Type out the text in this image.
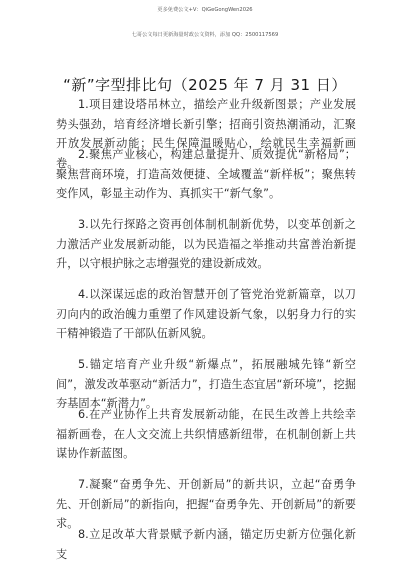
更多免费公文+V：QiGeGongWen2026
七哥公文每日更新海量时政公文资料，添加 QQ：2500117569
“新”字型排比句（2025 年 7 月 31 日）

1.项目建设塔吊林立，描绘产业升级新图景；产业发展势头强劲，培育经济增长新引擎；招商引资热潮涌动，汇聚开放发展新动能；民生保障温暖贴心，绘就民生幸福新画卷。

2.聚焦产业核心，构建总量提升、质效提优“新格局”；聚焦营商环境，打造高效便捷、全域覆盖“新样板”；聚焦转变作风，彰显主动作为、真抓实干“新气象”。

3.以先行探路之资再创体制机制新优势，以变革创新之力激活产业发展新动能，以为民造福之举推动共富善治新提升，以守根护脉之志增强党的建设新成效。

4.以深谋远虑的政治智慧开创了管党治党新篇章，以刀刃向内的政治魄力重塑了作风建设新气象，以躬身力行的实干精神锻造了干部队伍新风貌。

5.锚定培育产业升级“新爆点”，拓展融城先锋“新空间”，激发改革驱动“新活力”，打造生态宜居“新环境”，挖掘夯基固本“新潜力”。

6.在产业协作上共育发展新动能，在民生改善上共绘幸福新画卷，在人文交流上共织情感新纽带，在机制创新上共谋协作新蓝图。

7.凝聚“奋勇争先、开创新局”的新共识，立起“奋勇争先、开创新局”的新指向，把握“奋勇争先、开创新局”的新要求。

8.立足改革大背景赋予新内涵，锚定历史新方位强化新支
